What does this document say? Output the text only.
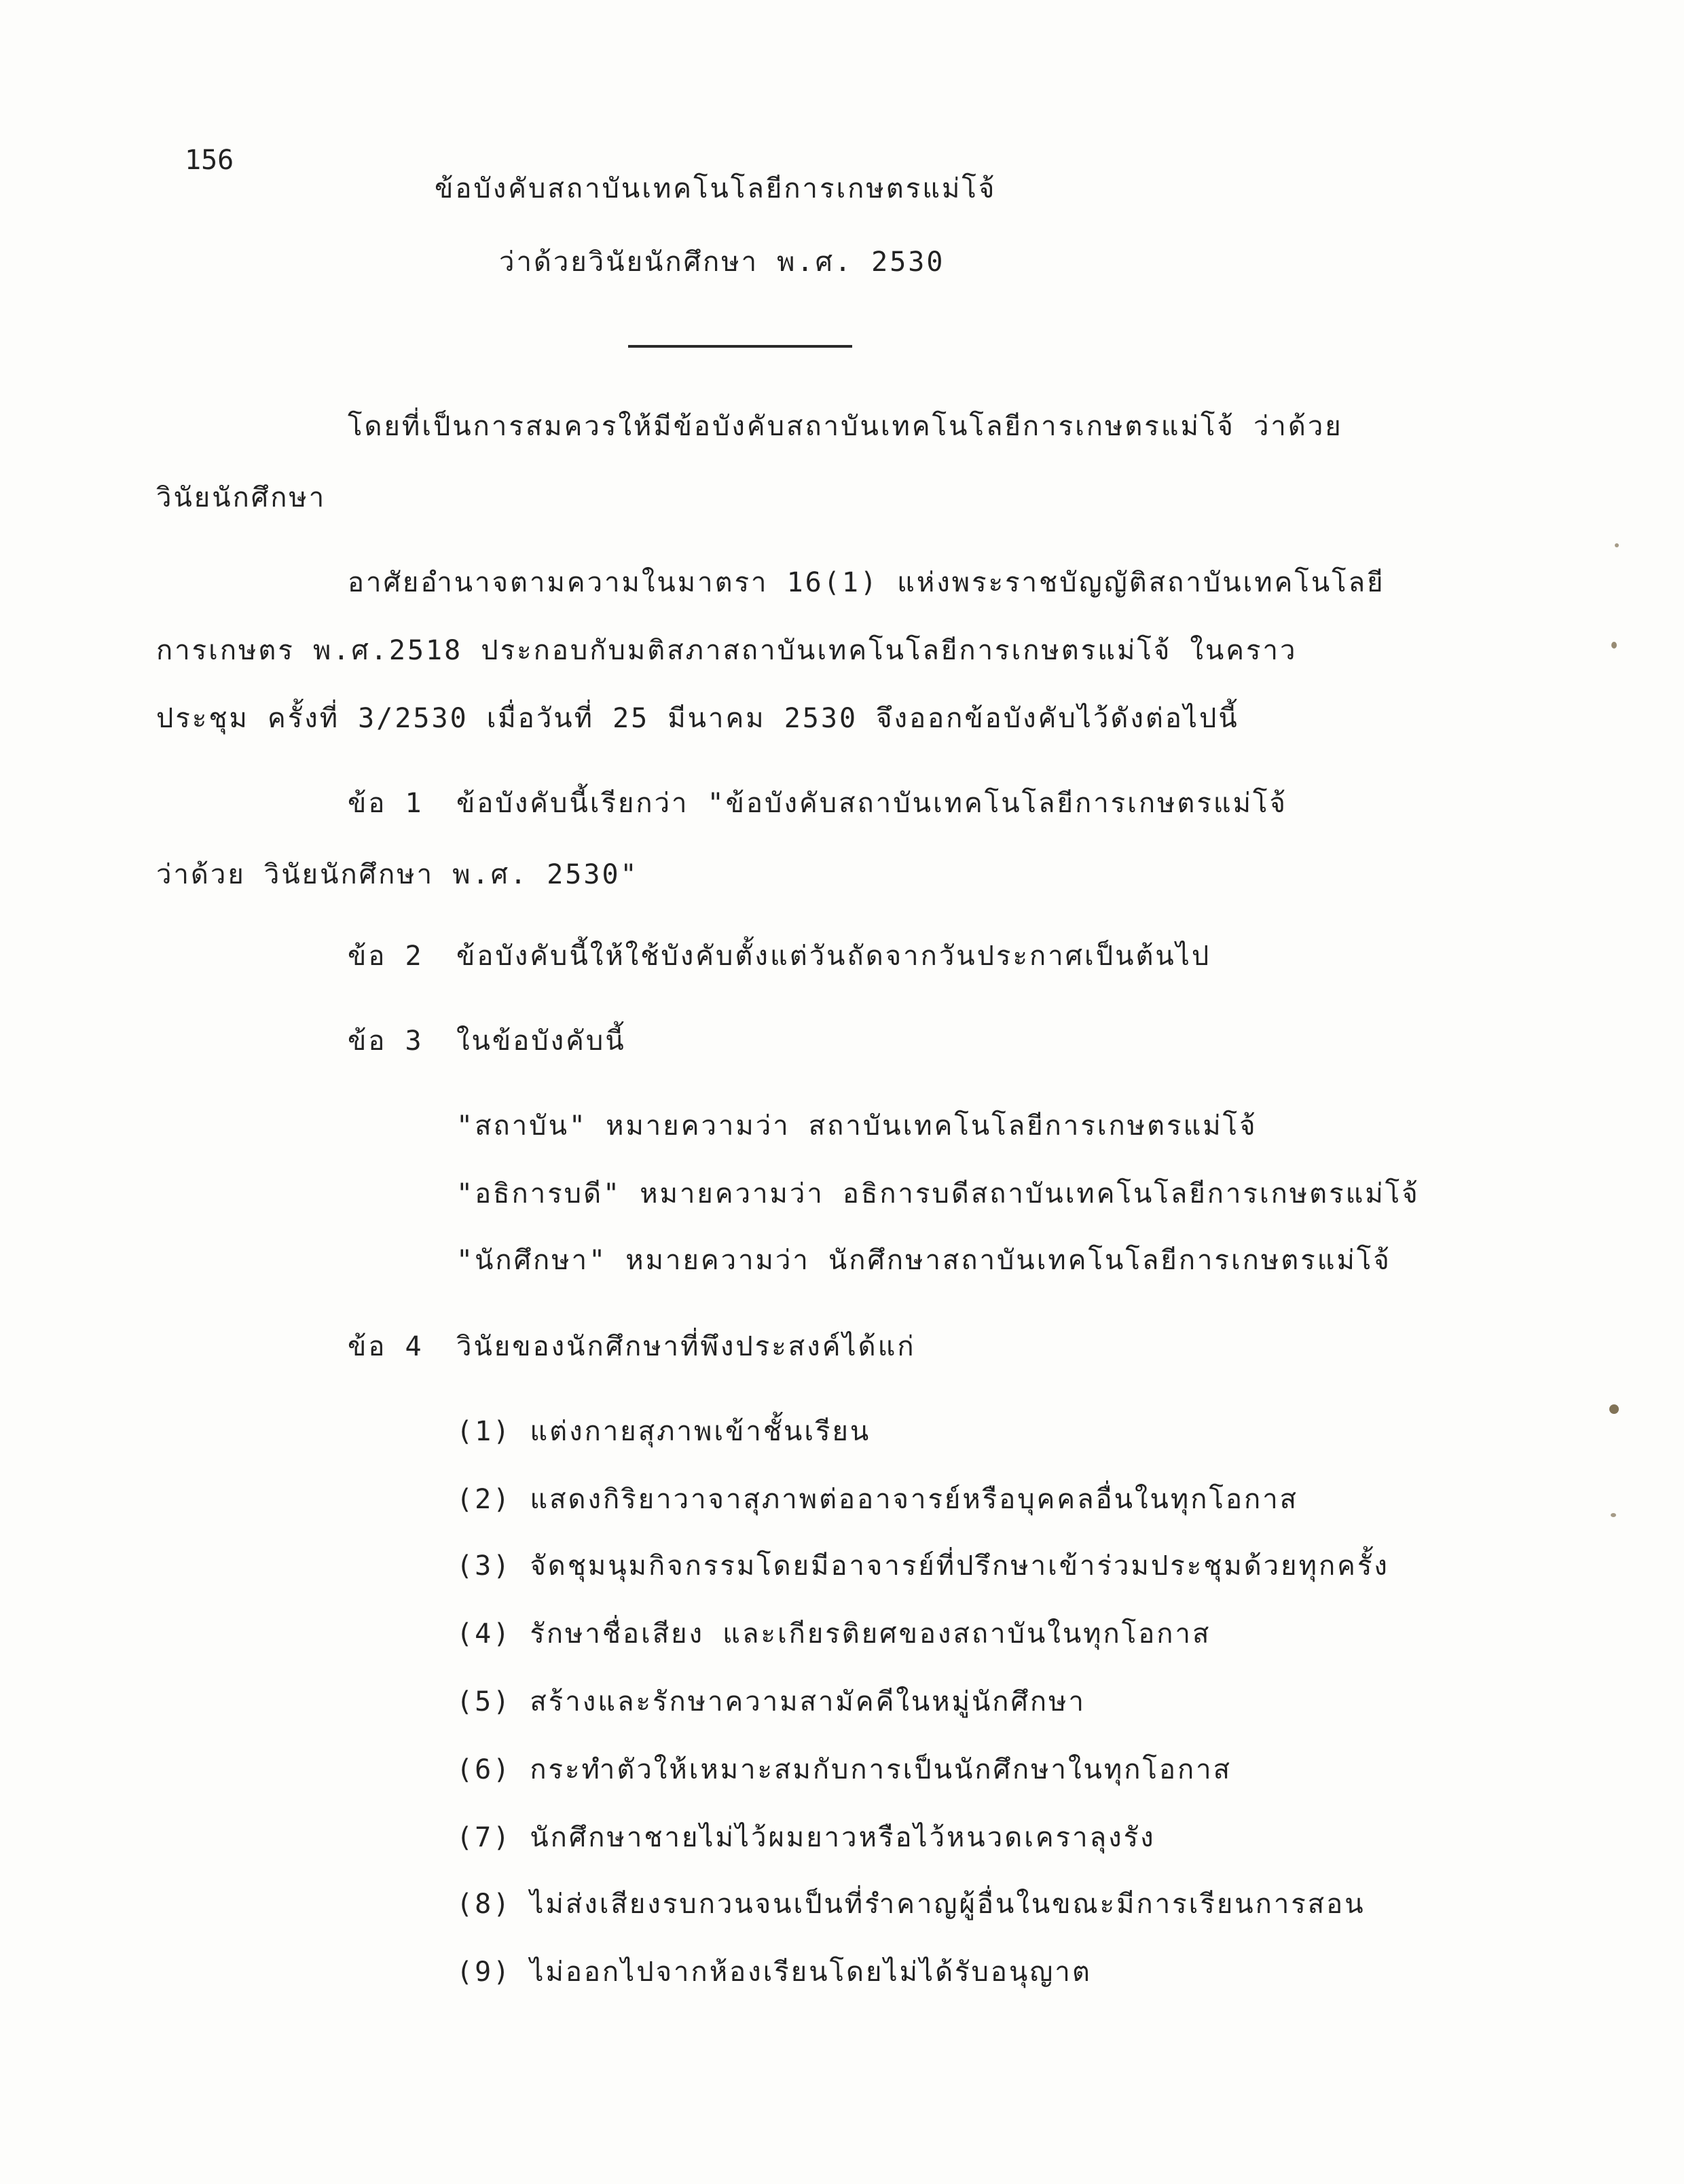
156
ข้อบังคับสถาบันเทคโนโลยีการเกษตรแม่โจ้
ว่าด้วยวินัยนักศึกษา พ.ศ. 2530
โดยที่เป็นการสมควรให้มีข้อบังคับสถาบันเทคโนโลยีการเกษตรแม่โจ้ ว่าด้วย
วินัยนักศึกษา
อาศัยอำนาจตามความในมาตรา 16(1) แห่งพระราชบัญญัติสถาบันเทคโนโลยี
การเกษตร พ.ศ.2518 ประกอบกับมติสภาสถาบันเทคโนโลยีการเกษตรแม่โจ้ ในคราว
ประชุม ครั้งที่ 3/2530 เมื่อวันที่ 25 มีนาคม 2530 จึงออกข้อบังคับไว้ดังต่อไปนี้
ข้อ 1 ข้อบังคับนี้เรียกว่า "ข้อบังคับสถาบันเทคโนโลยีการเกษตรแม่โจ้
ว่าด้วย วินัยนักศึกษา พ.ศ. 2530"
ข้อ 2 ข้อบังคับนี้ให้ใช้บังคับตั้งแต่วันถัดจากวันประกาศเป็นต้นไป
ข้อ 3 ในข้อบังคับนี้
"สถาบัน" หมายความว่า สถาบันเทคโนโลยีการเกษตรแม่โจ้
"อธิการบดี" หมายความว่า อธิการบดีสถาบันเทคโนโลยีการเกษตรแม่โจ้
"นักศึกษา" หมายความว่า นักศึกษาสถาบันเทคโนโลยีการเกษตรแม่โจ้
ข้อ 4 วินัยของนักศึกษาที่พึงประสงค์ได้แก่
(1) แต่งกายสุภาพเข้าชั้นเรียน
(2) แสดงกิริยาวาจาสุภาพต่ออาจารย์หรือบุคคลอื่นในทุกโอกาส
(3) จัดชุมนุมกิจกรรมโดยมีอาจารย์ที่ปรึกษาเข้าร่วมประชุมด้วยทุกครั้ง
(4) รักษาชื่อเสียง และเกียรติยศของสถาบันในทุกโอกาส
(5) สร้างและรักษาความสามัคคีในหมู่นักศึกษา
(6) กระทำตัวให้เหมาะสมกับการเป็นนักศึกษาในทุกโอกาส
(7) นักศึกษาชายไม่ไว้ผมยาวหรือไว้หนวดเคราลุงรัง
(8) ไม่ส่งเสียงรบกวนจนเป็นที่รำคาญผู้อื่นในขณะมีการเรียนการสอน
(9) ไม่ออกไปจากห้องเรียนโดยไม่ได้รับอนุญาต
